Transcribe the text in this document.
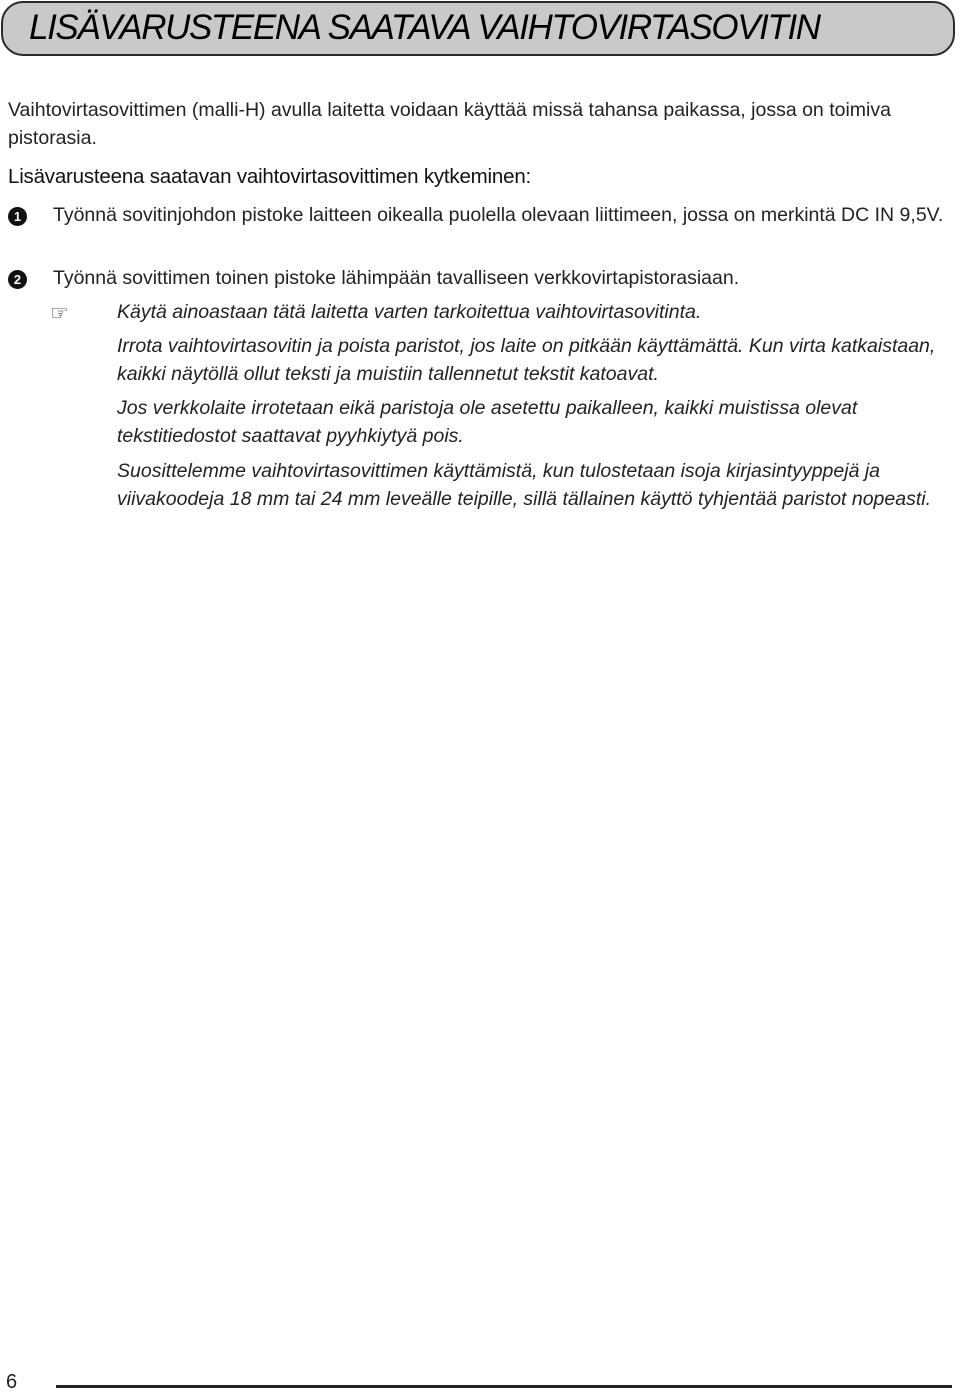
LISÄVARUSTEENA SAATAVA VAIHTOVIRTASOVITIN
Vaihtovirtasovittimen (malli-H) avulla laitetta voidaan käyttää missä tahansa paikassa, jossa on toimiva pistorasia.
Lisävarusteena saatavan vaihtovirtasovittimen kytkeminen:
1	Työnnä sovitinjohdon pistoke laitteen oikealla puolella olevaan liittimeen, jossa on merkintä DC IN 9,5V.
2	Työnnä sovittimen toinen pistoke lähimpään tavalliseen verkkovirtapistorasiaan.
☞ Käytä ainoastaan tätä laitetta varten tarkoitettua vaihtovirtasovitinta.
Irrota vaihtovirtasovitin ja poista paristot, jos laite on pitkään käyttämättä. Kun virta katkaistaan, kaikki näytöllä ollut teksti ja muistiin tallennetut tekstit katoavat.
Jos verkkolaite irrotetaan eikä paristoja ole asetettu paikalleen, kaikki muistissa olevat tekstitiedostot saattavat pyyhkiytyä pois.
Suosittelemme vaihtovirtasovittimen käyttämistä, kun tulostetaan isoja kirjasintyyppejä ja viivakoodeja 18 mm tai 24 mm leveälle teipille, sillä tällainen käyttö tyhjentää paristot nopeasti.
6
